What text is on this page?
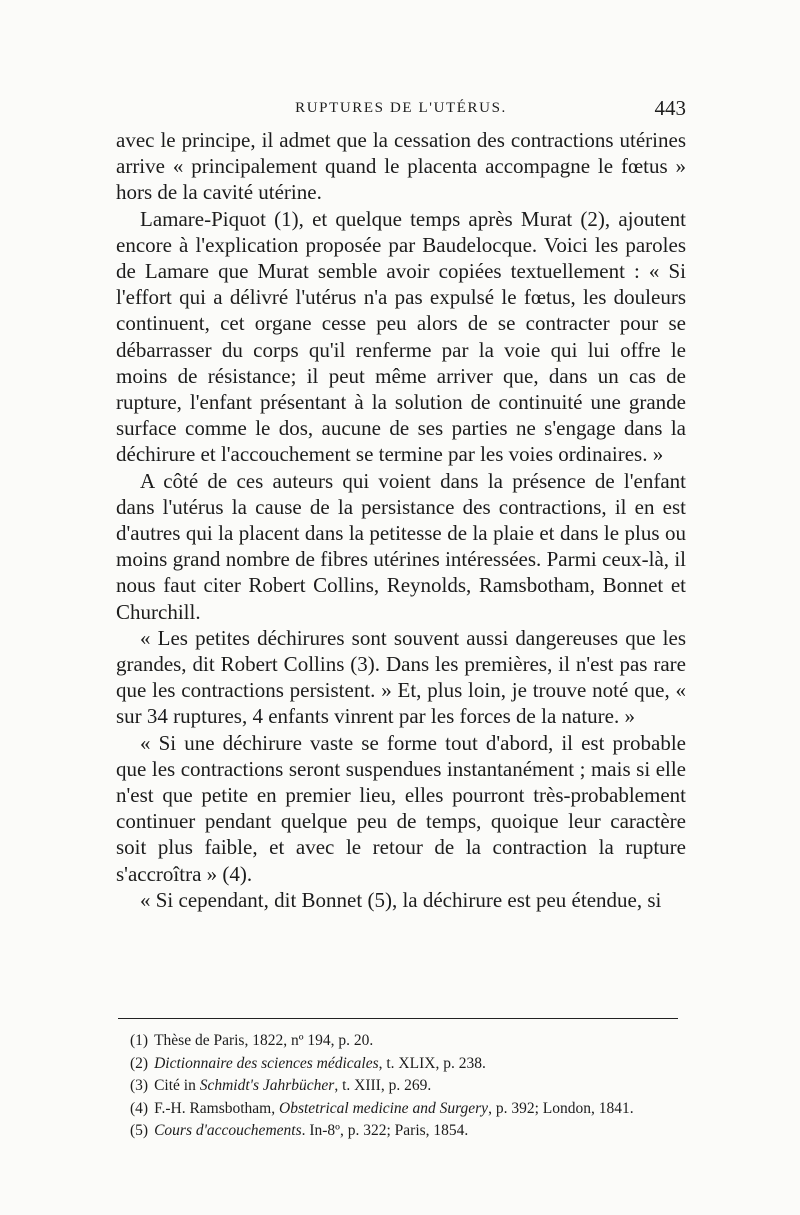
RUPTURES DE L'UTÉRUS.	443

avec le principe, il admet que la cessation des contractions utérines arrive « principalement quand le placenta accompagne le fœtus » hors de la cavité utérine.

Lamare-Piquot (1), et quelque temps après Murat (2), ajoutent encore à l'explication proposée par Baudelocque. Voici les paroles de Lamare que Murat semble avoir copiées textuellement : « Si l'effort qui a délivré l'utérus n'a pas expulsé le fœtus, les douleurs continuent, cet organe cesse peu alors de se contracter pour se débarrasser du corps qu'il renferme par la voie qui lui offre le moins de résistance; il peut même arriver que, dans un cas de rupture, l'enfant présentant à la solution de continuité une grande surface comme le dos, aucune de ses parties ne s'engage dans la déchirure et l'accouchement se termine par les voies ordinaires. »

A côté de ces auteurs qui voient dans la présence de l'enfant dans l'utérus la cause de la persistance des contractions, il en est d'autres qui la placent dans la petitesse de la plaie et dans le plus ou moins grand nombre de fibres utérines intéressées. Parmi ceux-là, il nous faut citer Robert Collins, Reynolds, Ramsbotham, Bonnet et Churchill.

« Les petites déchirures sont souvent aussi dangereuses que les grandes, dit Robert Collins (3). Dans les premières, il n'est pas rare que les contractions persistent. » Et, plus loin, je trouve noté que, « sur 34 ruptures, 4 enfants vinrent par les forces de la nature. »

« Si une déchirure vaste se forme tout d'abord, il est probable que les contractions seront suspendues instantanément ; mais si elle n'est que petite en premier lieu, elles pourront très-probablement continuer pendant quelque peu de temps, quoique leur caractère soit plus faible, et avec le retour de la contraction la rupture s'accroîtra » (4).

« Si cependant, dit Bonnet (5), la déchirure est peu étendue, si

(1) Thèse de Paris, 1822, nº 194, p. 20.

(2) Dictionnaire des sciences médicales, t. XLIX, p. 238.

(3) Cité in Schmidt's Jahrbücher, t. XIII, p. 269.

(4) F.-H. Ramsbotham, Obstetrical medicine and Surgery, p. 392; London, 1841.

(5) Cours d'accouchements. In-8º, p. 322; Paris, 1854.
